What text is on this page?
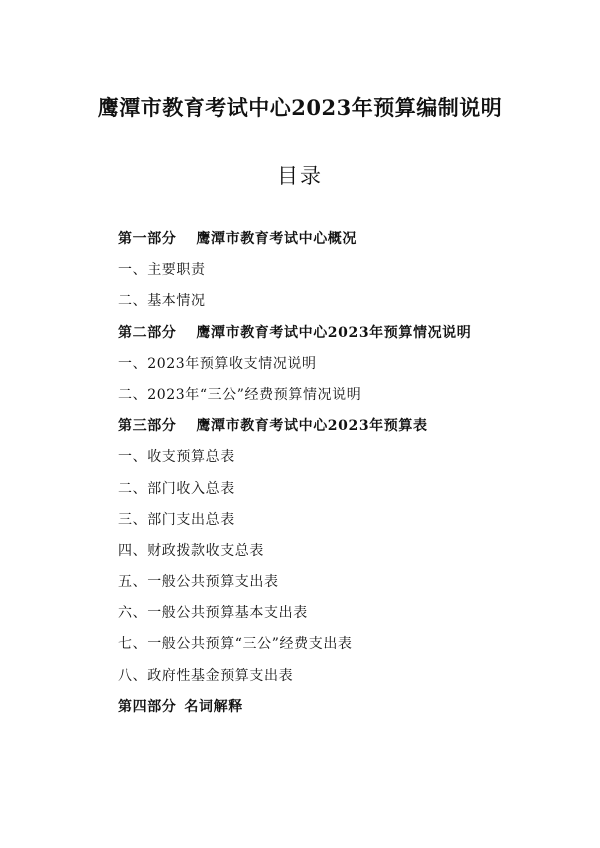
鹰潭市教育考试中心2023年预算编制说明
目录
第一部分 鹰潭市教育考试中心概况
一、主要职责
二、基本情况
第二部分 鹰潭市教育考试中心2023年预算情况说明
一、2023年预算收支情况说明
二、2023年“三公”经费预算情况说明
第三部分 鹰潭市教育考试中心2023年预算表
一、收支预算总表
二、部门收入总表
三、部门支出总表
四、财政拨款收支总表
五、一般公共预算支出表
六、一般公共预算基本支出表
七、一般公共预算“三公”经费支出表
八、政府性基金预算支出表
第四部分 名词解释
